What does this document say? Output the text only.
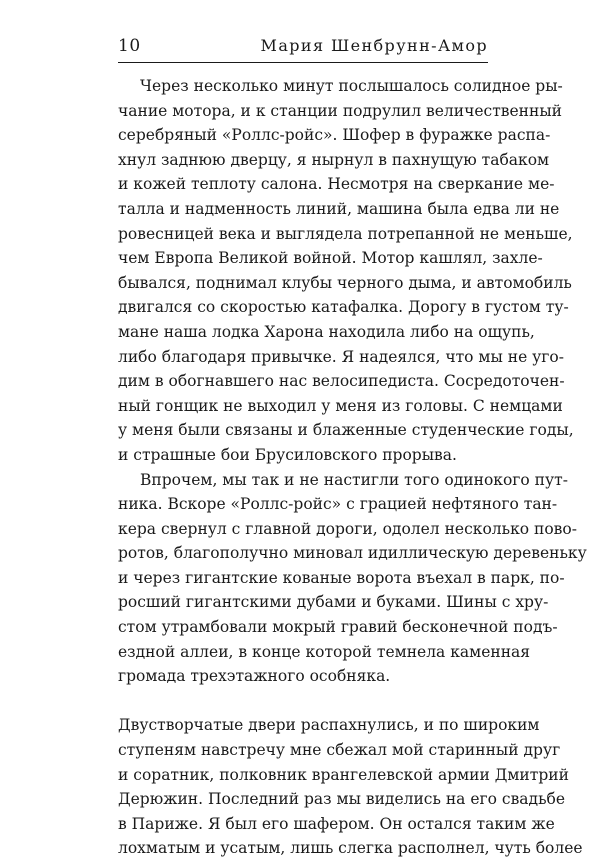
10	Мария Шенбрунн-Амор
Через несколько минут послышалось солидное ры-
чание мотора, и к станции подрулил величественный
серебряный «Роллс-ройс». Шофер в фуражке распа-
хнул заднюю дверцу, я нырнул в пахнущую табаком
и кожей теплоту салона. Несмотря на сверкание ме-
талла и надменность линий, машина была едва ли не
ровесницей века и выглядела потрепанной не меньше,
чем Европа Великой войной. Мотор кашлял, захле-
бывался, поднимал клубы черного дыма, и автомобиль
двигался со скоростью катафалка. Дорогу в густом ту-
мане наша лодка Харона находила либо на ощупь,
либо благодаря привычке. Я надеялся, что мы не уго-
дим в обогнавшего нас велосипедиста. Сосредоточен-
ный гонщик не выходил у меня из головы. С немцами
у меня были связаны и блаженные студенческие годы,
и страшные бои Брусиловского прорыва.
Впрочем, мы так и не настигли того одинокого пут-
ника. Вскоре «Роллс-ройс» с грацией нефтяного тан-
кера свернул с главной дороги, одолел несколько пово-
ротов, благополучно миновал идиллическую деревеньку
и через гигантские кованые ворота въехал в парк, по-
росший гигантскими дубами и буками. Шины с хру-
стом утрамбовали мокрый гравий бесконечной подъ-
ездной аллеи, в конце которой темнела каменная
громада трехэтажного особняка.
Двустворчатые двери распахнулись, и по широким
ступеням навстречу мне сбежал мой старинный друг
и соратник, полковник врангелевской армии Дмитрий
Дерюжин. Последний раз мы виделись на его свадьбе
в Париже. Я был его шафером. Он остался таким же
лохматым и усатым, лишь слегка располнел, чуть более
